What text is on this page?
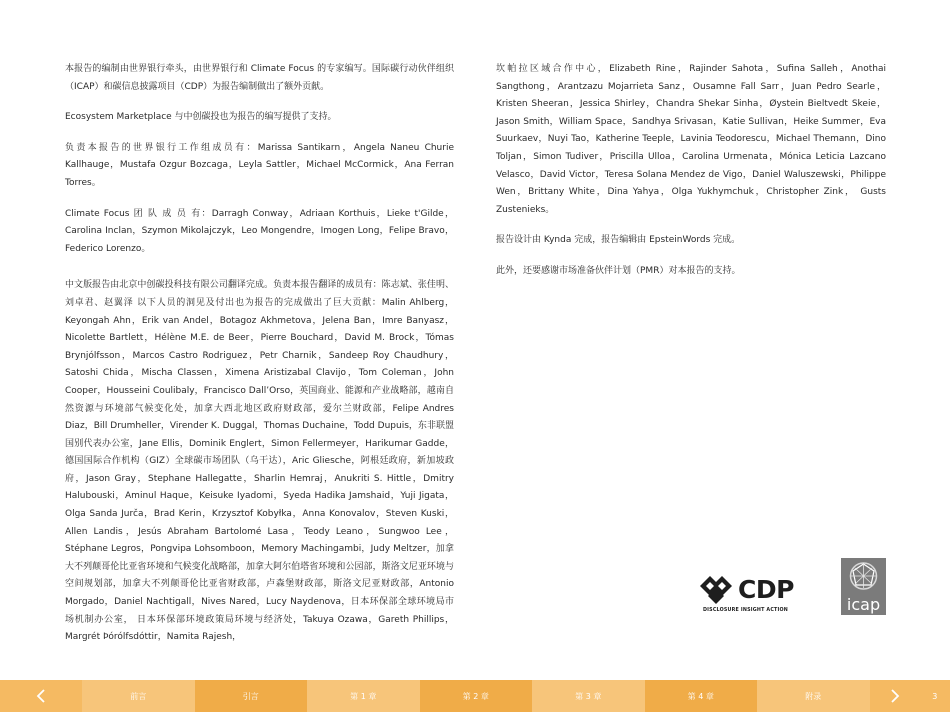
本报告的编制由世界银行牵头，由世界银行和 Climate Focus 的专家编写。国际碳行动伙伴组织（ICAP）和碳信息披露项目（CDP）为报告编制做出了额外贡献。

Ecosystem Marketplace 与中创碳投也为报告的编写提供了支持。

负责本报告的世界银行工作组成员有：Marissa Santikarn，Angela Naneu Churie Kallhauge，Mustafa Ozgur Bozcaga，Leyla Sattler，Michael McCormick，Ana Ferran Torres。

Climate Focus 团 队 成 员 有：Darragh Conway，Adriaan Korthuis，Lieke t'Gilde，Carolina Inclan，Szymon Mikolajczyk，Leo Mongendre，Imogen Long，Felipe Bravo，Federico Lorenzo。

中文版报告由北京中创碳投科技有限公司翻译完成。负责本报告翻译的成员有：陈志斌、张佳明、刘卓君、赵翼泽 以下人员的洞见及付出也为报告的完成做出了巨大贡献：Malin Ahlberg，Keyongah Ahn，Erik van Andel，Botagoz Akhmetova，Jelena Ban，Imre Banyasz，Nicolette Bartlett，Hélène M.E. de Beer，Pierre Bouchard，David M. Brock，Tómas Brynjólfsson，Marcos Castro Rodriguez，Petr Charnik，Sandeep Roy Chaudhury，Satoshi Chida，Mischa Classen，Ximena Aristizabal Clavijo，Tom Coleman，John Cooper，Housseini Coulibaly，Francisco Dall’Orso，英国商业、能源和产业战略部，越南自然资源与环境部气候变化处，加拿大西北地区政府财政部，爱尔兰财政部，Felipe Andres Diaz，Bill Drumheller，Virender K. Duggal，Thomas Duchaine，Todd Dupuis，东非联盟国别代表办公室，Jane Ellis，Dominik Englert，Simon Fellermeyer，Harikumar Gadde，德国国际合作机构（GIZ）全球碳市场团队（乌干达），Aric Gliesche，阿根廷政府，新加坡政府，Jason Gray，Stephane Hallegatte，Sharlin Hemraj，Anukriti S. Hittle，Dmitry Halubouski，Aminul Haque，Keisuke Iyadomi，Syeda Hadika Jamshaid，Yuji Jigata，Olga Sanda Jurča，Brad Kerin，Krzysztof Kobyłka，Anna Konovalov，Steven Kuski，Allen Landis，Jesús Abraham Bartolomé Lasa，Teody Leano，Sungwoo Lee，Stéphane Legros，Pongvipa Lohsomboon，Memory Machingambi，Judy Meltzer，加拿大不列颠哥伦比亚省环境和气候变化战略部，加拿大阿尔伯塔省环境和公园部，斯洛文尼亚环境与空间规划部，加拿大不列颠哥伦比亚省财政部，卢森堡财政部，斯洛文尼亚财政部，Antonio Morgado，Daniel Nachtigall，Nives Nared，Lucy Naydenova，日本环保部全球环境局市场机制办公室， 日本环保部环境政策局环境与经济处，Takuya Ozawa，Gareth Phillips，Margrét Þórólfsdóttir，Namita Rajesh，

坎帕拉区域合作中心，Elizabeth Rine，Rajinder Sahota，Sufina Salleh，Anothai Sangthong，Arantzazu Mojarrieta Sanz，Ousamne Fall Sarr，Juan Pedro Searle，Kristen Sheeran，Jessica Shirley，Chandra Shekar Sinha，Øystein Bieltvedt Skeie，Jason Smith，William Space，Sandhya Srivasan，Katie Sullivan，Heike Summer，Eva Suurkaev，Nuyi Tao，Katherine Teeple，Lavinia Teodorescu，Michael Themann，Dino Toljan，Simon Tudiver，Priscilla Ulloa，Carolina Urmenata，Mónica Leticia Lazcano Velasco，David Victor，Teresa Solana Mendez de Vigo，Daniel Waluszewski，Philippe Wen，Brittany White，Dina Yahya，Olga Yukhymchuk，Christopher Zink， Gusts Zustenieks。

报告设计由 Kynda 完成，报告编辑由 EpsteinWords 完成。

此外，还要感谢市场准备伙伴计划（PMR）对本报告的支持。

CDP
DISCLOSURE INSIGHT ACTION	icap
前言	引言	第 1 章	第 2 章	第 3 章	第 4 章	附录	3
